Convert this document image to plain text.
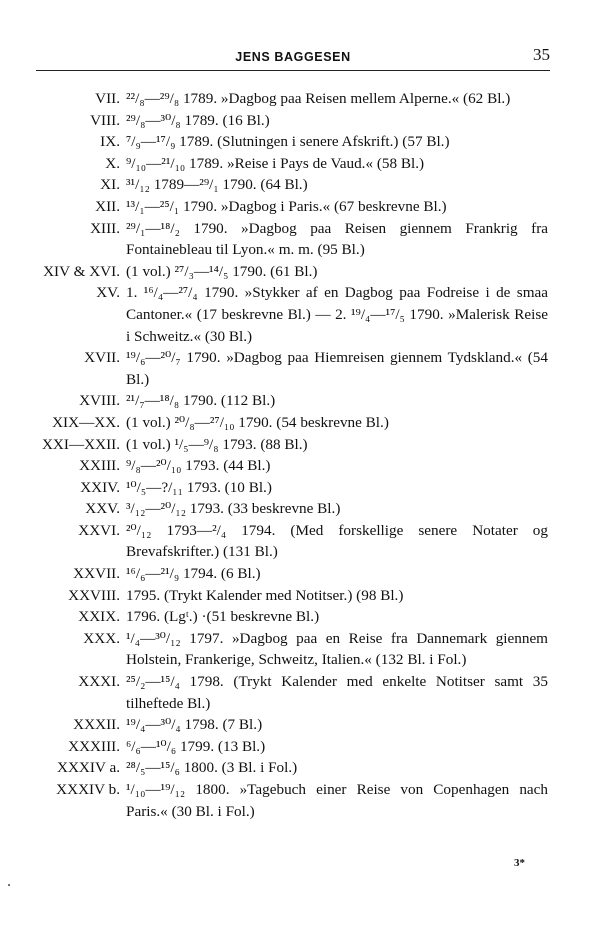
JENS BAGGESEN	35
VII. ²²/₈—²⁹/₈ 1789. »Dagbog paa Reisen mellem Alperne.« (62 Bl.)
VIII. ²⁹/₈—³⁰/₈ 1789. (16 Bl.)
IX. ⁷/₉—¹⁷/₉ 1789. (Slutningen i senere Afskrift.) (57 Bl.)
X. ⁹/₁₀—²¹/₁₀ 1789. »Reise i Pays de Vaud.« (58 Bl.)
XI. ³¹/₁₂ 1789—²⁹/₁ 1790. (64 Bl.)
XII. ¹³/₁—²⁵/₁ 1790. »Dagbog i Paris.« (67 beskrevne Bl.)
XIII. ²⁹/₁—¹⁸/₂ 1790. »Dagbog paa Reisen giennem Frankrig fra Fontainebleau til Lyon.« m. m. (95 Bl.)
XIV & XVI. (1 vol.) ²⁷/₃—¹⁴/₅ 1790. (61 Bl.)
XV. 1. ¹⁶/₄—²⁷/₄ 1790. »Stykker af en Dagbog paa Fodreise i de smaa Cantoner.« (17 beskrevne Bl.) — 2. ¹⁹/₄—¹⁷/₅ 1790. »Malerisk Reise i Schweitz.« (30 Bl.)
XVII. ¹⁹/₆—²⁰/₇ 1790. »Dagbog paa Hiemreisen giennem Tydskland.« (54 Bl.)
XVIII. ²¹/₇—¹⁸/₈ 1790. (112 Bl.)
XIX—XX. (1 vol.) ²⁰/₈—²⁷/₁₀ 1790. (54 beskrevne Bl.)
XXI—XXII. (1 vol.) ¹/₅—⁹/₈ 1793. (88 Bl.)
XXIII. ⁹/₈—²⁰/₁₀ 1793. (44 Bl.)
XXIV. ¹⁰/₅—?/₁₁ 1793. (10 Bl.)
XXV. ³/₁₂—²⁰/₁₂ 1793. (33 beskrevne Bl.)
XXVI. ²⁰/₁₂ 1793—²/₄ 1794. (Med forskellige senere Notater og Brevafskrifter.) (131 Bl.)
XXVII. ¹⁶/₆—²¹/₉ 1794. (6 Bl.)
XXVIII. 1795. (Trykt Kalender med Notitser.) (98 Bl.)
XXIX. 1796. (Lgᵗ.) ·(51 beskrevne Bl.)
XXX. ¹/₄—³⁰/₁₂ 1797. »Dagbog paa en Reise fra Dannemark giennem Holstein, Frankerige, Schweitz, Italien.« (132 Bl. i Fol.)
XXXI. ²⁵/₂—¹⁵/₄ 1798. (Trykt Kalender med enkelte Notitser samt 35 tilheftede Bl.)
XXXII. ¹⁹/₄—³⁰/₄ 1798. (7 Bl.)
XXXIII. ⁶/₆—¹⁰/₆ 1799. (13 Bl.)
XXXIV a. ²⁸/₅—¹⁵/₆ 1800. (3 Bl. i Fol.)
XXXIV b. ¹/₁₀—¹⁹/₁₂ 1800. »Tagebuch einer Reise von Copenhagen nach Paris.« (30 Bl. i Fol.)
3*
